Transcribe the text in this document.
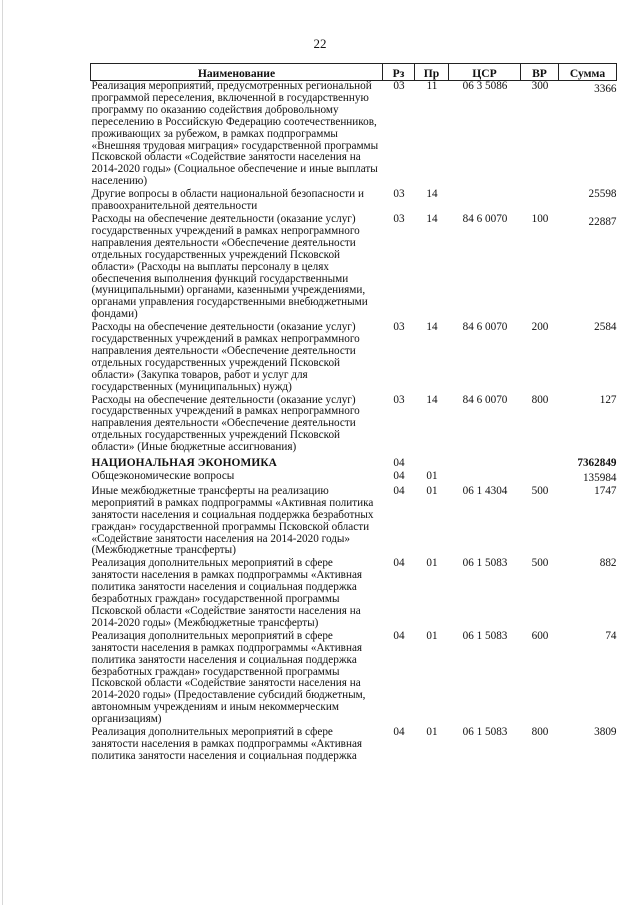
22
Наименование	Рз	Пр	ЦСР	ВР	Сумма
Реализация мероприятий, предусмотренных региональной программой переселения, включенной в государственную программу по оказанию содействия добровольному переселению в Российскую Федерацию соотечественников, проживающих за рубежом, в рамках подпрограммы «Внешняя трудовая миграция» государственной программы Псковской области «Содействие занятости населения на 2014-2020 годы» (Социальное обеспечение и иные выплаты населению)	03	11	06 3 5086	300	3366
Другие вопросы в области национальной безопасности и правоохранительной деятельности	03	14			25598
Расходы на обеспечение деятельности (оказание услуг) государственных учреждений в рамках непрограммного направления деятельности «Обеспечение деятельности отдельных государственных учреждений Псковской области» (Расходы на выплаты персоналу в целях обеспечения выполнения функций государственными (муниципальными) органами, казенными учреждениями, органами управления государственными внебюджетными фондами)	03	14	84 6 0070	100	22887
Расходы на обеспечение деятельности (оказание услуг) государственных учреждений в рамках непрограммного направления деятельности «Обеспечение деятельности отдельных государственных учреждений Псковской области» (Закупка товаров, работ и услуг для государственных (муниципальных) нужд)	03	14	84 6 0070	200	2584
Расходы на обеспечение деятельности (оказание услуг) государственных учреждений в рамках непрограммного направления деятельности «Обеспечение деятельности отдельных государственных учреждений Псковской области» (Иные бюджетные ассигнования)	03	14	84 6 0070	800	127
НАЦИОНАЛЬНАЯ ЭКОНОМИКА	04				7362849
Общеэкономические вопросы	04	01			135984
Иные межбюджетные трансферты на реализацию мероприятий в рамках подпрограммы «Активная политика занятости населения и социальная поддержка безработных граждан» государственной программы Псковской области «Содействие занятости населения на 2014-2020 годы» (Межбюджетные трансферты)	04	01	06 1 4304	500	1747
Реализация дополнительных мероприятий в сфере занятости населения в рамках подпрограммы «Активная политика занятости населения и социальная поддержка безработных граждан» государственной программы Псковской области «Содействие занятости населения на 2014-2020 годы» (Межбюджетные трансферты)	04	01	06 1 5083	500	882
Реализация дополнительных мероприятий в сфере занятости населения в рамках подпрограммы «Активная политика занятости населения и социальная поддержка безработных граждан» государственной программы Псковской области «Содействие занятости населения на 2014-2020 годы» (Предоставление субсидий бюджетным, автономным учреждениям и иным некоммерческим организациям)	04	01	06 1 5083	600	74
Реализация дополнительных мероприятий в сфере занятости населения в рамках подпрограммы «Активная политика занятости населения и социальная поддержка	04	01	06 1 5083	800	3809
